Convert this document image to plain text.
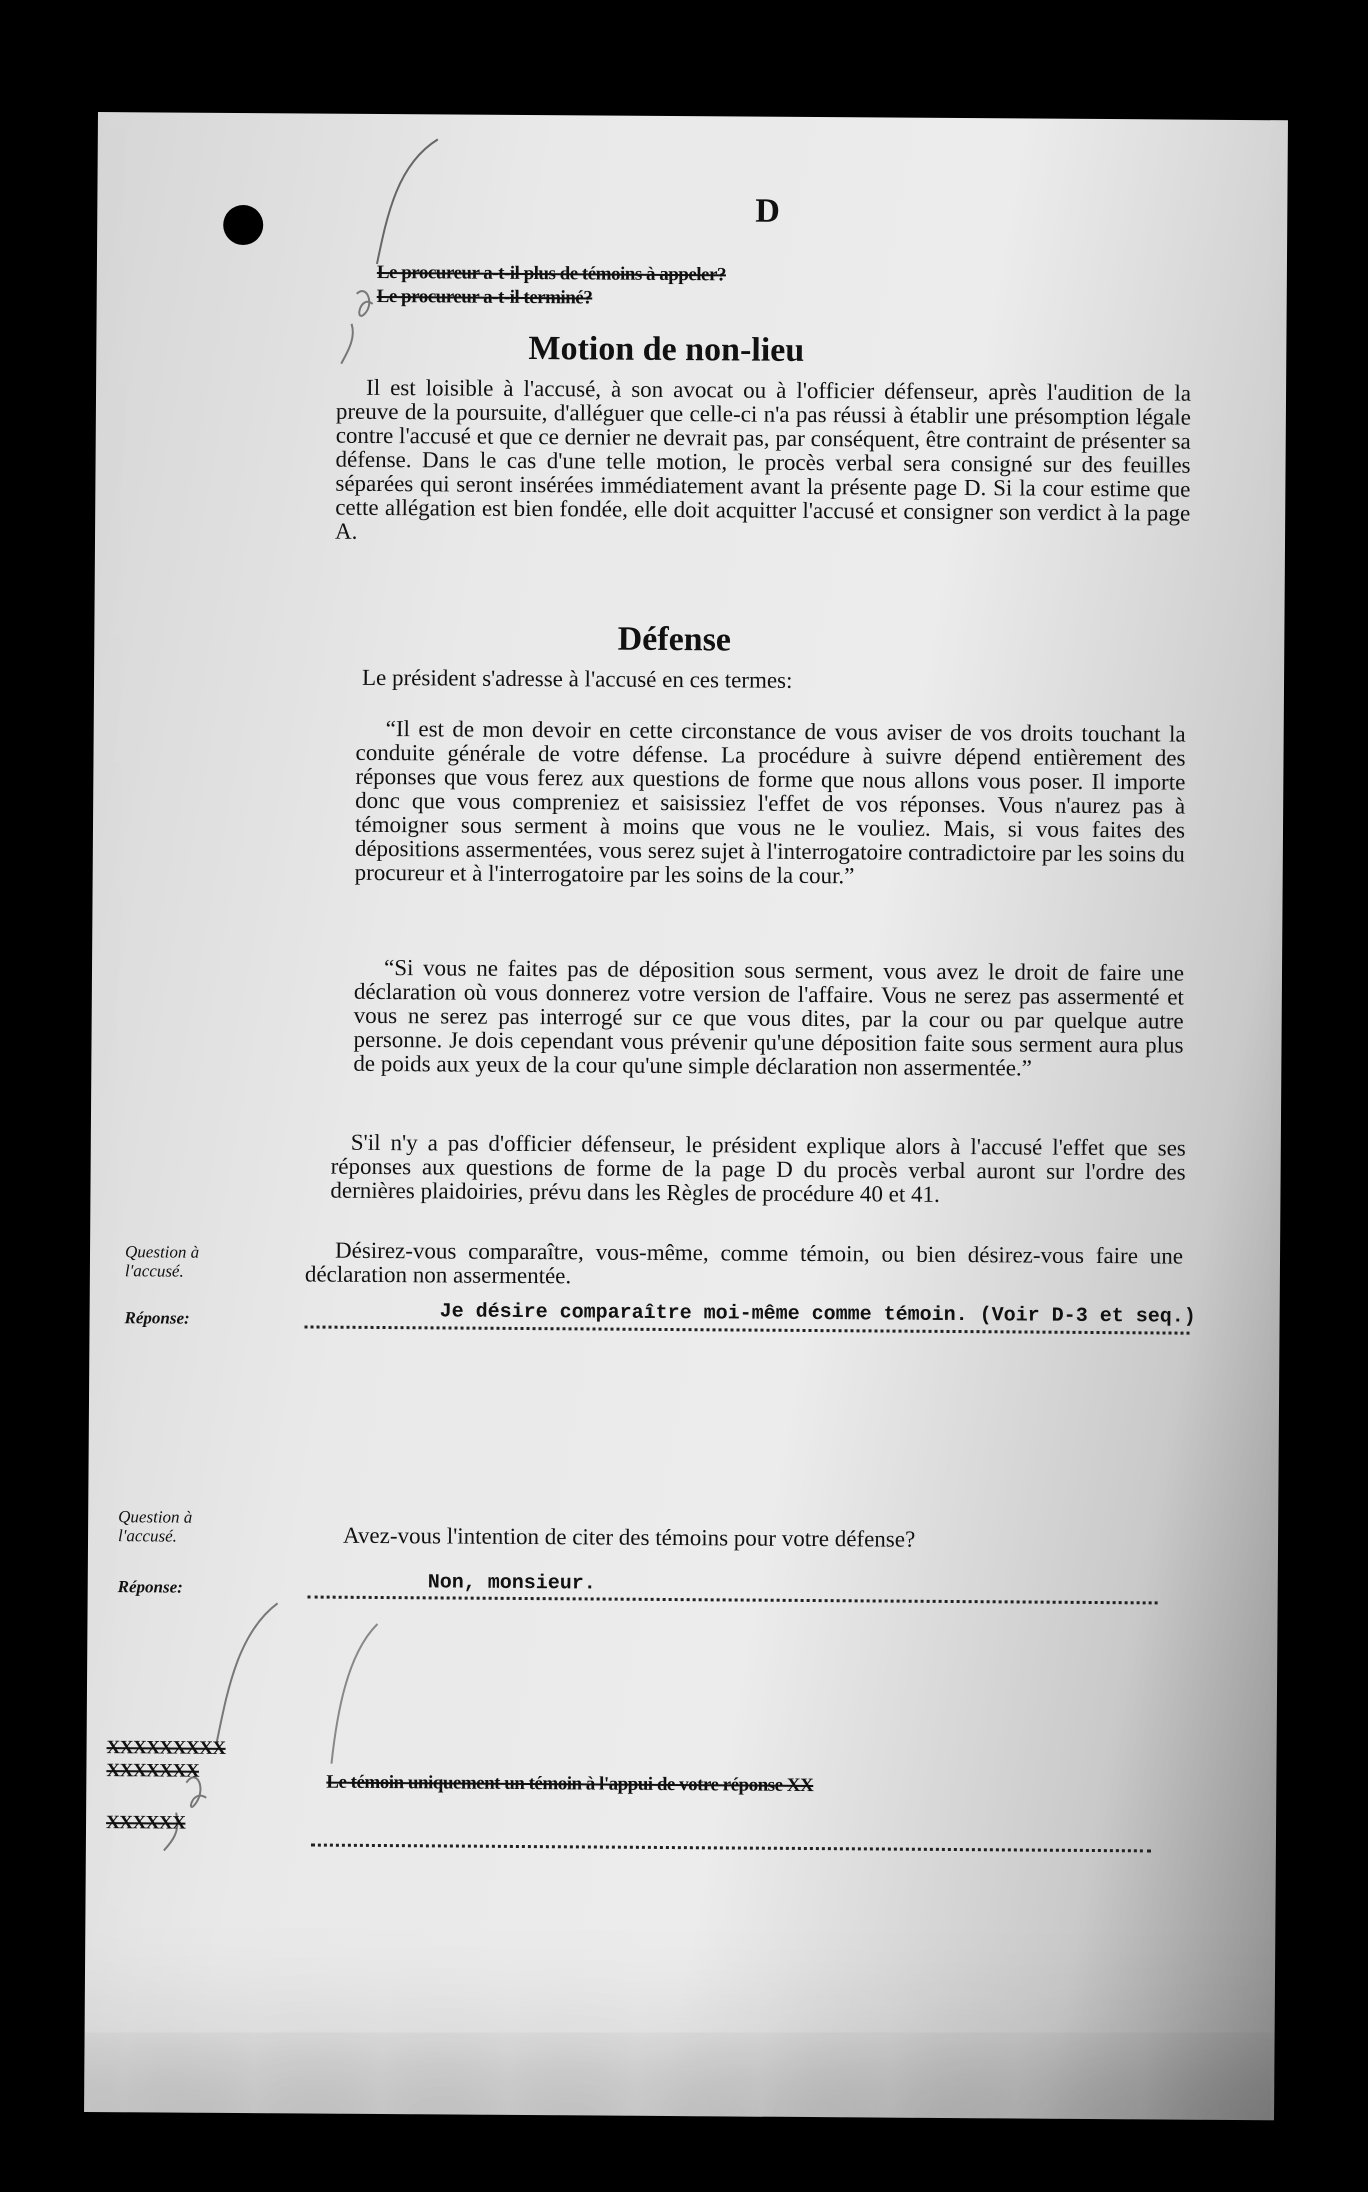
D
Le procureur a-t-il plus de témoins à appeler?
Le procureur a-t-il terminé?
Motion de non-lieu

Il est loisible à l'accusé, à son avocat ou à l'officier défenseur, après l'audition de la preuve de la poursuite, d'alléguer que celle-ci n'a pas réussi à établir une présomption légale contre l'accusé et que ce dernier ne devrait pas, par conséquent, être contraint de présenter sa défense. Dans le cas d'une telle motion, le procès verbal sera consigné sur des feuilles séparées qui seront insérées immédiatement avant la présente page D. Si la cour estime que cette allégation est bien fondée, elle doit acquitter l'accusé et consigner son verdict à la page A.

Défense

Le président s'adresse à l'accusé en ces termes:

“Il est de mon devoir en cette circonstance de vous aviser de vos droits touchant la conduite générale de votre défense. La procédure à suivre dépend entièrement des réponses que vous ferez aux questions de forme que nous allons vous poser. Il importe donc que vous compreniez et saisissiez l'effet de vos réponses. Vous n'aurez pas à témoigner sous serment à moins que vous ne le vouliez. Mais, si vous faites des dépositions assermentées, vous serez sujet à l'interrogatoire contradictoire par les soins du procureur et à l'interrogatoire par les soins de la cour.”

“Si vous ne faites pas de déposition sous serment, vous avez le droit de faire une déclaration où vous donnerez votre version de l'affaire. Vous ne serez pas assermenté et vous ne serez pas interrogé sur ce que vous dites, par la cour ou par quelque autre personne. Je dois cependant vous prévenir qu'une déposition faite sous serment aura plus de poids aux yeux de la cour qu'une simple déclaration non assermentée.”

S'il n'y a pas d'officier défenseur, le président explique alors à l'accusé l'effet que ses réponses aux questions de forme de la page D du procès verbal auront sur l'ordre des dernières plaidoiries, prévu dans les Règles de procédure 40 et 41.

Question à l'accusé.

Désirez-vous comparaître, vous-même, comme témoin, ou bien désirez-vous faire une déclaration non assermentée.

Réponse:	Je désire comparaître moi-même comme témoin. (Voir D-3 et seq.)
Question à l'accusé.	Avez-vous l'intention de citer des témoins pour votre défense?

Réponse:	Non, monsieur.
XXXXXXXXX
XXXXXXX
XXXXXX
Le témoin uniquement un témoin à l'appui de votre réponse XX
